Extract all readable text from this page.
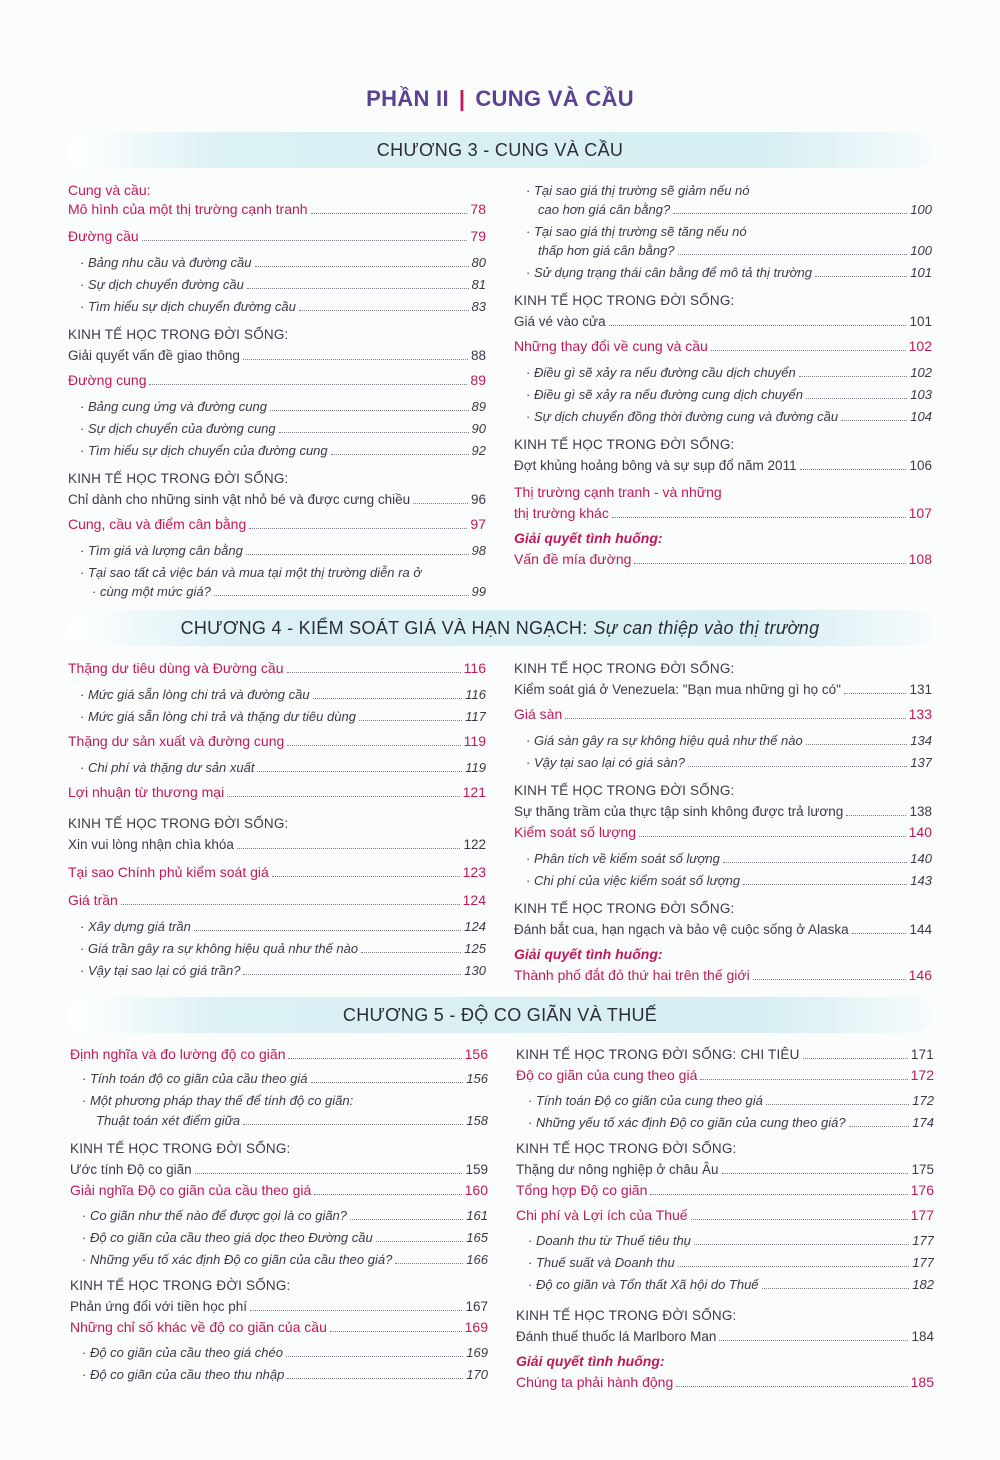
PHẦN II | CUNG VÀ CẦU
CHƯƠNG 3 - CUNG VÀ CẦU
Cung và cầu:
Mô hình của một thị trường cạnh tranh	78
Đường cầu	79
· Bảng nhu cầu và đường cầu	80
· Sự dịch chuyển đường cầu	81
· Tìm hiểu sự dịch chuyển đường cầu	83
KINH TẾ HỌC TRONG ĐỜI SỐNG:
Giải quyết vấn đề giao thông	88
Đường cung	89
· Bảng cung ứng và đường cung	89
· Sự dịch chuyển của đường cung	90
· Tìm hiểu sự dịch chuyển của đường cung	92
KINH TẾ HỌC TRONG ĐỜI SỐNG:
Chỉ dành cho những sinh vật nhỏ bé và được cưng chiều	96
Cung, cầu và điểm cân bằng	97
· Tìm giá và lượng cân bằng	98
· Tại sao tất cả việc bán và mua tại một thị trường diễn ra ở
· cùng một mức giá?	99
· Tại sao giá thị trường sẽ giảm nếu nó
cao hơn giá cân bằng?	100
· Tại sao giá thị trường sẽ tăng nếu nó
thấp hơn giá cân bằng?	100
· Sử dụng trạng thái cân bằng để mô tả thị trường	101
KINH TẾ HỌC TRONG ĐỜI SỐNG:
Giá vé vào cửa	101
Những thay đổi về cung và cầu	102
· Điều gì sẽ xảy ra nếu đường cầu dịch chuyển	102
· Điều gì sẽ xảy ra nếu đường cung dịch chuyển	103
· Sự dịch chuyển đồng thời đường cung và đường cầu	104
KINH TẾ HỌC TRONG ĐỜI SỐNG:
Đợt khủng hoảng bông và sự sụp đổ năm 2011	106
Thị trường cạnh tranh - và những
thị trường khác	107
Giải quyết tình huống:
Vấn đề mía đường	108
CHƯƠNG 4 - KIỂM SOÁT GIÁ VÀ HẠN NGẠCH: Sự can thiệp vào thị trường
Thặng dư tiêu dùng và Đường cầu	116
· Mức giá sẵn lòng chi trả và đường cầu	116
· Mức giá sẵn lòng chi trả và thặng dư tiêu dùng	117
Thặng dư sản xuất và đường cung	119
· Chi phí và thặng dư sản xuất	119
Lợi nhuận từ thương mại	121
KINH TẾ HỌC TRONG ĐỜI SỐNG:
Xin vui lòng nhận chìa khóa	122
Tại sao Chính phủ kiểm soát giá	123
Giá trần	124
· Xây dựng giá trần	124
· Giá trần gây ra sự không hiệu quả như thế nào	125
· Vậy tại sao lại có giá trần?	130
KINH TẾ HỌC TRONG ĐỜI SỐNG:
Kiểm soát giá ở Venezuela: "Bạn mua những gì họ có"	131
Giá sàn	133
· Giá sàn gây ra sự không hiệu quả như thế nào	134
· Vậy tại sao lại có giá sàn?	137
KINH TẾ HỌC TRONG ĐỜI SỐNG:
Sự thăng trầm của thực tập sinh không được trả lương	138
Kiểm soát số lượng	140
· Phân tích về kiểm soát số lượng	140
· Chi phí của việc kiểm soát số lượng	143
KINH TẾ HỌC TRONG ĐỜI SỐNG:
Đánh bắt cua, hạn ngạch và bảo vệ cuộc sống ở Alaska	144
Giải quyết tình huống:
Thành phố đắt đỏ thứ hai trên thế giới	146
CHƯƠNG 5 - ĐỘ CO GIÃN VÀ THUẾ
Định nghĩa và đo lường độ co giãn	156
· Tính toán độ co giãn của cầu theo giá	156
· Một phương pháp thay thế để tính độ co giãn:
Thuật toán xét điểm giữa	158
KINH TẾ HỌC TRONG ĐỜI SỐNG:
Ước tính Độ co giãn	159
Giải nghĩa Độ co giãn của cầu theo giá	160
· Co giãn như thế nào để được gọi là co giãn?	161
· Độ co giãn của cầu theo giá dọc theo Đường cầu	165
· Những yếu tố xác định Độ co giãn của cầu theo giá?	166
KINH TẾ HỌC TRONG ĐỜI SỐNG:
Phản ứng đối với tiền học phí	167
Những chỉ số khác về độ co giãn của cầu	169
· Độ co giãn của cầu theo giá chéo	169
· Độ co giãn của cầu theo thu nhập	170
KINH TẾ HỌC TRONG ĐỜI SỐNG: CHI TIÊU	171
Độ co giãn của cung theo giá	172
· Tính toán Độ co giãn của cung theo giá	172
· Những yếu tố xác định Độ co giãn của cung theo giá?	174
KINH TẾ HỌC TRONG ĐỜI SỐNG:
Thặng dư nông nghiệp ở châu Âu	175
Tổng hợp Độ co giãn	176
Chi phí và Lợi ích của Thuế	177
· Doanh thu từ Thuế tiêu thụ	177
· Thuế suất và Doanh thu	177
· Độ co giãn và Tổn thất Xã hội do Thuế	182
KINH TẾ HỌC TRONG ĐỜI SỐNG:
Đánh thuế thuốc lá Marlboro Man	184
Giải quyết tình huống:
Chúng ta phải hành động	185
